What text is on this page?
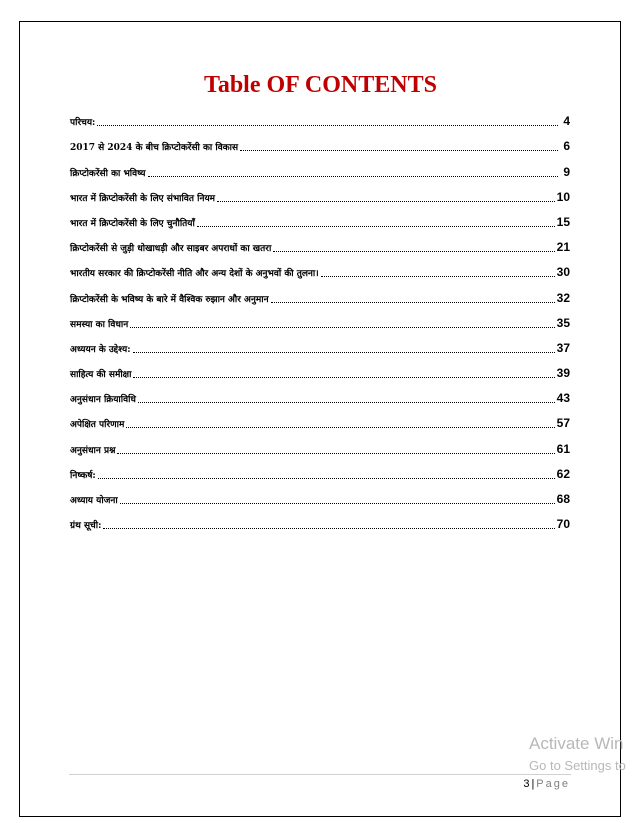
Table OF CONTENTS
परिचय:	4
2017 से 2024 के बीच क्रिप्टोकरेंसी का विकास	6
क्रिप्टोकरेंसी का भविष्य	9
भारत में क्रिप्टोकरेंसी के लिए संभावित नियम	10
भारत में क्रिप्टोकरेंसी के लिए चुनौतियाँ	15
क्रिप्टोकरेंसी से जुड़ी धोखाधड़ी और साइबर अपराधों का खतरा	21
भारतीय सरकार की क्रिप्टोकरेंसी नीति और अन्य देशों के अनुभवों की तुलना।	30
क्रिप्टोकरेंसी के भविष्य के बारे में वैश्विक रुझान और अनुमान	32
समस्या का विधान	35
अध्ययन के उद्देश्य:	37
साहित्य की समीक्षा	39
अनुसंधान क्रियाविधि	43
अपेक्षित परिणाम	57
अनुसंधान प्रश्न	61
निष्कर्ष:	62
अध्याय योजना	68
ग्रंथ सूची:	70
Activate Win
Go to Settings to
3 | Page
